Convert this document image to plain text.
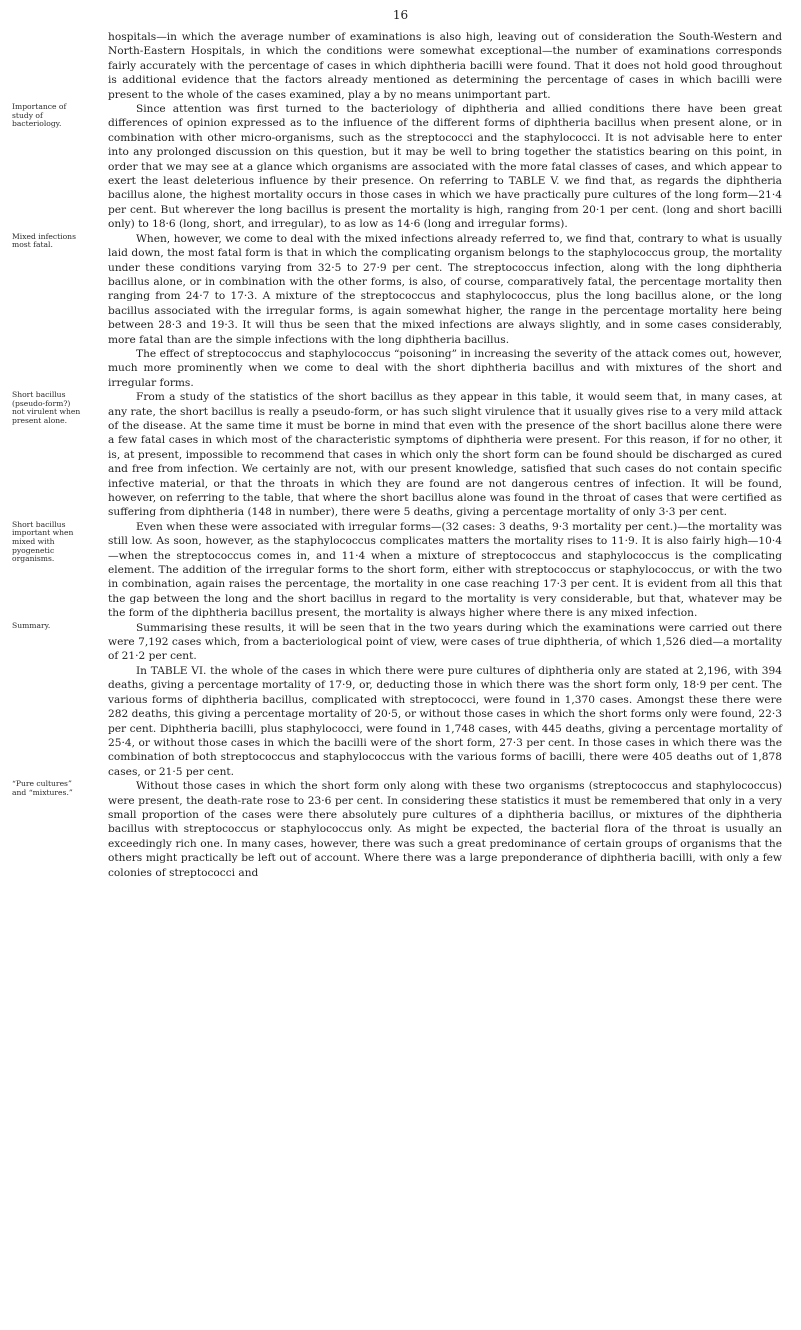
16
hospitals—in which the average number of examinations is also high, leaving out of consideration the South-Western and North-Eastern Hospitals, in which the conditions were somewhat exceptional—the number of examinations corresponds fairly accurately with the percentage of cases in which diphtheria bacilli were found. That it does not hold good throughout is additional evidence that the factors already mentioned as determining the percentage of cases in which bacilli were present to the whole of the cases examined, play a by no means unimportant part.
Importance of study of bacteriology.
Since attention was first turned to the bacteriology of diphtheria and allied conditions there have been great differences of opinion expressed as to the influence of the different forms of diphtheria bacillus when present alone, or in combination with other micro-organisms, such as the streptococci and the staphylococci. It is not advisable here to enter into any prolonged discussion on this question, but it may be well to bring together the statistics bearing on this point, in order that we may see at a glance which organisms are associated with the more fatal classes of cases, and which appear to exert the least deleterious influence by their presence. On referring to TABLE V. we find that, as regards the diphtheria bacillus alone, the highest mortality occurs in those cases in which we have practically pure cultures of the long form—21·4 per cent. But wherever the long bacillus is present the mortality is high, ranging from 20·1 per cent. (long and short bacilli only) to 18·6 (long, short, and irregular), to as low as 14·6 (long and irregular forms).
Mixed infections most fatal.
When, however, we come to deal with the mixed infections already referred to, we find that, contrary to what is usually laid down, the most fatal form is that in which the complicating organism belongs to the staphylococcus group, the mortality under these conditions varying from 32·5 to 27·9 per cent. The streptococcus infection, along with the long diphtheria bacillus alone, or in combination with the other forms, is also, of course, comparatively fatal, the percentage mortality then ranging from 24·7 to 17·3. A mixture of the streptococcus and staphylococcus, plus the long bacillus alone, or the long bacillus associated with the irregular forms, is again somewhat higher, the range in the percentage mortality here being between 28·3 and 19·3. It will thus be seen that the mixed infections are always slightly, and in some cases considerably, more fatal than are the simple infections with the long diphtheria bacillus.
The effect of streptococcus and staphylococcus “poisoning” in increasing the severity of the attack comes out, however, much more prominently when we come to deal with the short diphtheria bacillus and with mixtures of the short and irregular forms.
Short bacillus (pseudo-form?) not virulent when present alone.
From a study of the statistics of the short bacillus as they appear in this table, it would seem that, in many cases, at any rate, the short bacillus is really a pseudo-form, or has such slight virulence that it usually gives rise to a very mild attack of the disease. At the same time it must be borne in mind that even with the presence of the short bacillus alone there were a few fatal cases in which most of the characteristic symptoms of diphtheria were present. For this reason, if for no other, it is, at present, impossible to recommend that cases in which only the short form can be found should be discharged as cured and free from infection. We certainly are not, with our present knowledge, satisfied that such cases do not contain specific infective material, or that the throats in which they are found are not dangerous centres of infection. It will be found, however, on referring to the table, that where the short bacillus alone was found in the throat of cases that were certified as suffering from diphtheria (148 in number), there were 5 deaths, giving a percentage mortality of only 3·3 per cent.
Short bacillus important when mixed with pyogenetic organisms.
Even when these were associated with irregular forms—(32 cases: 3 deaths, 9·3 mortality per cent.)—the mortality was still low. As soon, however, as the staphylococcus complicates matters the mortality rises to 11·9. It is also fairly high—10·4—when the streptococcus comes in, and 11·4 when a mixture of streptococcus and staphylococcus is the complicating element. The addition of the irregular forms to the short form, either with streptococcus or staphylococcus, or with the two in combination, again raises the percentage, the mortality in one case reaching 17·3 per cent. It is evident from all this that the gap between the long and the short bacillus in regard to the mortality is very considerable, but that, whatever may be the form of the diphtheria bacillus present, the mortality is always higher where there is any mixed infection.
Summary.	Summarising these results, it will be seen that in the two years during which the examinations were carried out there were 7,192 cases which, from a bacteriological point of view, were cases of true diphtheria, of which 1,526 died—a mortality of 21·2 per cent.
In TABLE VI. the whole of the cases in which there were pure cultures of diphtheria only are stated at 2,196, with 394 deaths, giving a percentage mortality of 17·9, or, deducting those in which there was the short form only, 18·9 per cent. The various forms of diphtheria bacillus, complicated with streptococci, were found in 1,370 cases. Amongst these there were 282 deaths, this giving a percentage mortality of 20·5, or without those cases in which the short forms only were found, 22·3 per cent. Diphtheria bacilli, plus staphylococci, were found in 1,748 cases, with 445 deaths, giving a percentage mortality of 25·4, or without those cases in which the bacilli were of the short form, 27·3 per cent. In those cases in which there was the combination of both streptococcus and staphylococcus with the various forms of bacilli, there were 405 deaths out of 1,878 cases, or 21·5 per cent.
“Pure cultures” and “mixtures.”
Without those cases in which the short form only along with these two organisms (streptococcus and staphylococcus) were present, the death-rate rose to 23·6 per cent. In considering these statistics it must be remembered that only in a very small proportion of the cases were there absolutely pure cultures of a diphtheria bacillus, or mixtures of the diphtheria bacillus with streptococcus or staphylococcus only. As might be expected, the bacterial flora of the throat is usually an exceedingly rich one. In many cases, however, there was such a great predominance of certain groups of organisms that the others might practically be left out of account. Where there was a large preponderance of diphtheria bacilli, with only a few colonies of streptococci and
